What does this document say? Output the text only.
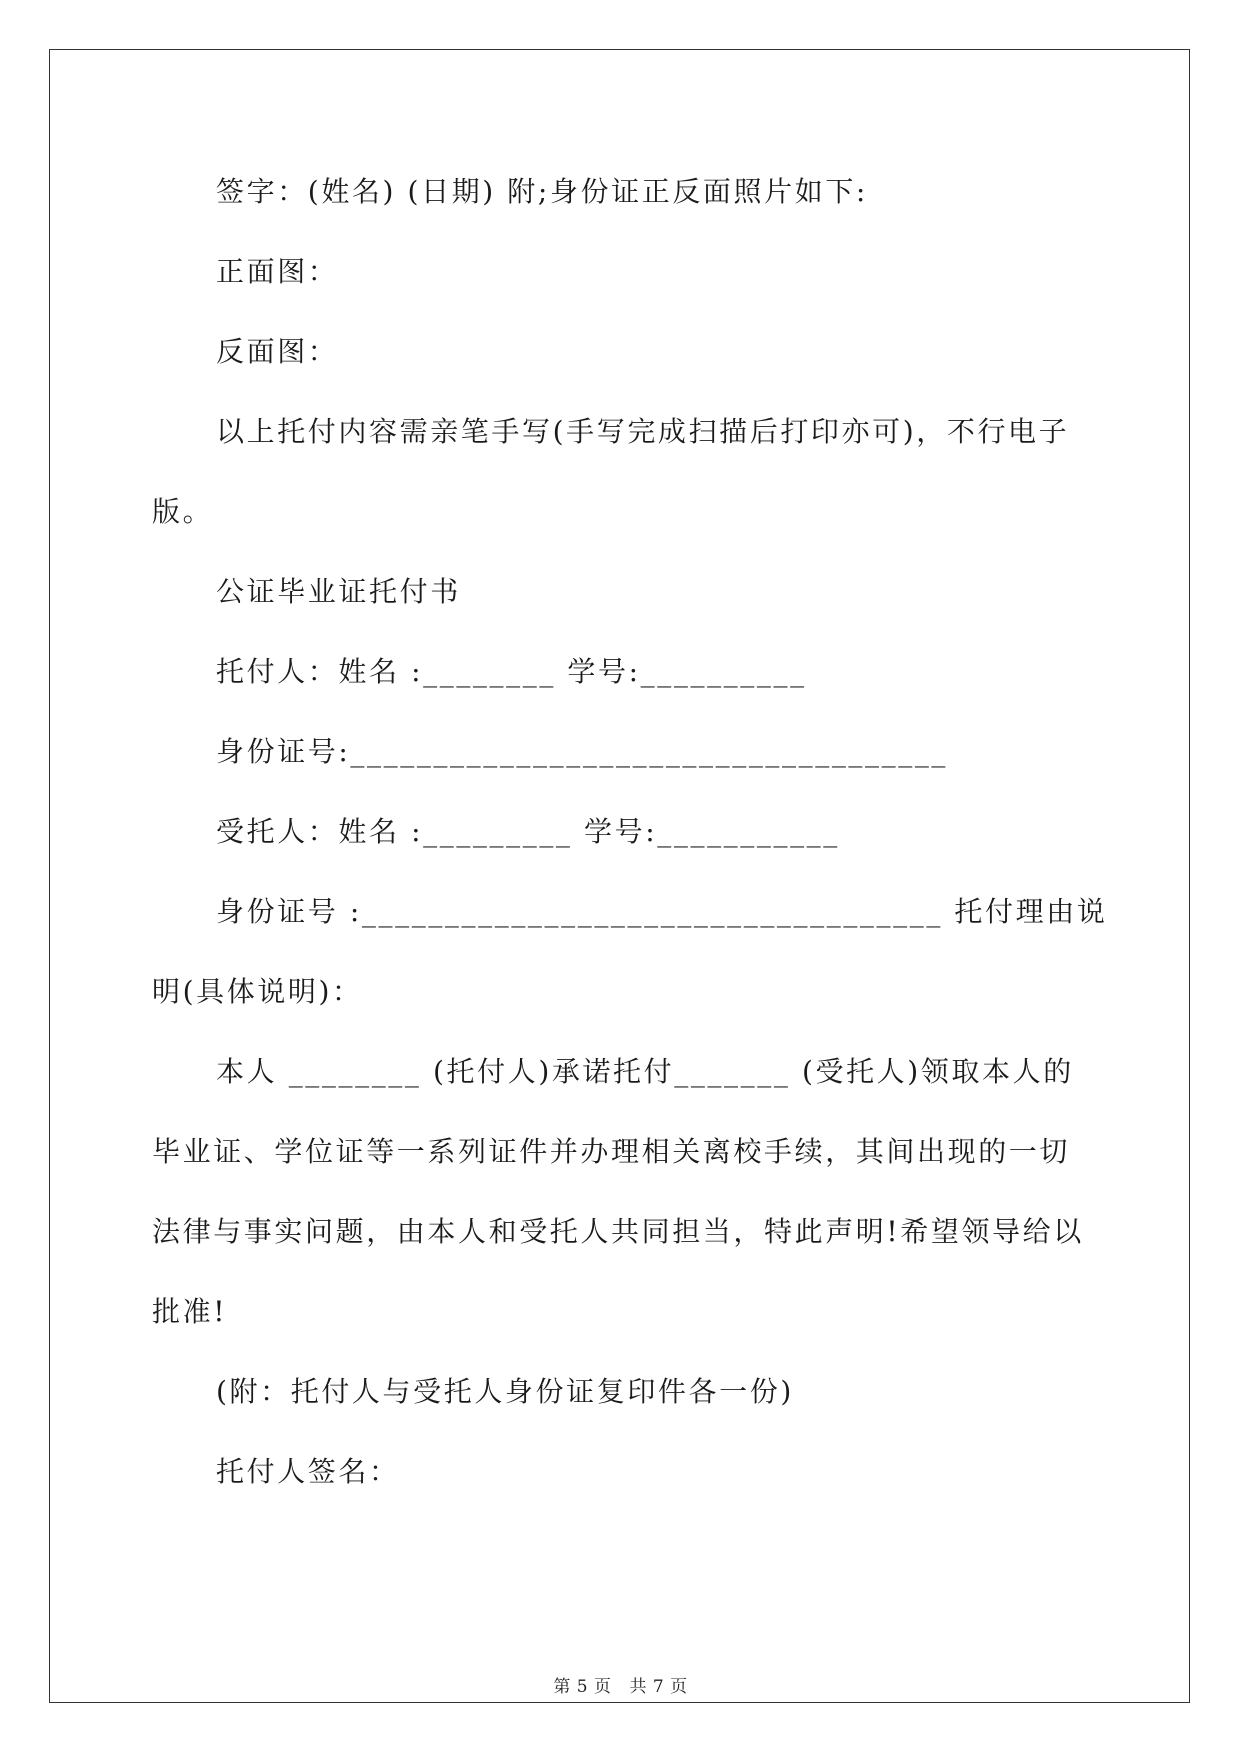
签字：(姓名) (日期) 附;身份证正反面照片如下:
正面图：
反面图：
以上托付内容需亲笔手写(手写完成扫描后打印亦可)，不行电子
版。
公证毕业证托付书
托付人：姓名 :________ 学号:__________
身份证号:____________________________________
受托人：姓名 :_________ 学号:___________
身份证号 :___________________________________ 托付理由说
明(具体说明)：
本人 ________ (托付人)承诺托付_______ (受托人)领取本人的
毕业证、学位证等一系列证件并办理相关离校手续，其间出现的一切
法律与事实问题，由本人和受托人共同担当，特此声明!希望领导给以
批准!
(附：托付人与受托人身份证复印件各一份)
托付人签名：
第 5 页 共 7 页
